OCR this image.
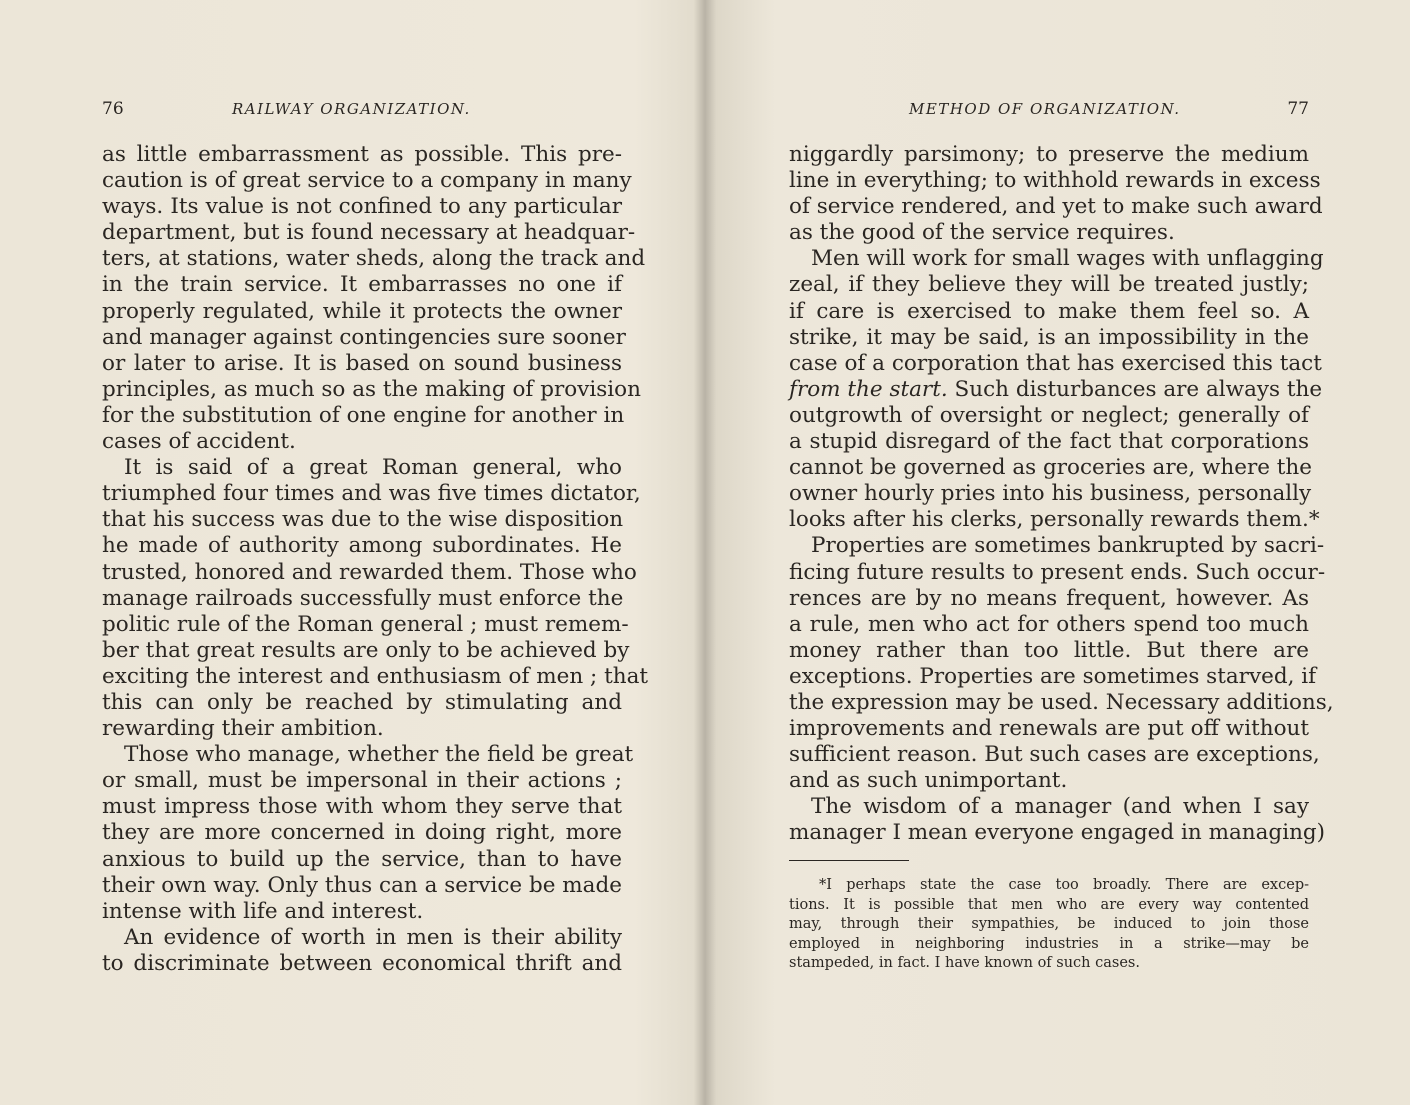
76	RAILWAY ORGANIZATION.
as little embarrassment as possible. This pre-
caution is of great service to a company in many
ways. Its value is not confined to any particular
department, but is found necessary at headquar-
ters, at stations, water sheds, along the track and
in the train service. It embarrasses no one if
properly regulated, while it protects the owner
and manager against contingencies sure sooner
or later to arise. It is based on sound business
principles, as much so as the making of provision
for the substitution of one engine for another in
cases of accident.
It is said of a great Roman general, who
triumphed four times and was five times dictator,
that his success was due to the wise disposition
he made of authority among subordinates. He
trusted, honored and rewarded them. Those who
manage railroads successfully must enforce the
politic rule of the Roman general ; must remem-
ber that great results are only to be achieved by
exciting the interest and enthusiasm of men ; that
this can only be reached by stimulating and
rewarding their ambition.
Those who manage, whether the field be great
or small, must be impersonal in their actions ;
must impress those with whom they serve that
they are more concerned in doing right, more
anxious to build up the service, than to have
their own way. Only thus can a service be made
intense with life and interest.
An evidence of worth in men is their ability
to discriminate between economical thrift and
METHOD OF ORGANIZATION.	77
niggardly parsimony; to preserve the medium
line in everything; to withhold rewards in excess
of service rendered, and yet to make such award
as the good of the service requires.
Men will work for small wages with unflagging
zeal, if they believe they will be treated justly;
if care is exercised to make them feel so. A
strike, it may be said, is an impossibility in the
case of a corporation that has exercised this tact
from the start. Such disturbances are always the
outgrowth of oversight or neglect; generally of
a stupid disregard of the fact that corporations
cannot be governed as groceries are, where the
owner hourly pries into his business, personally
looks after his clerks, personally rewards them.*
Properties are sometimes bankrupted by sacri-
ficing future results to present ends. Such occur-
rences are by no means frequent, however. As
a rule, men who act for others spend too much
money rather than too little. But there are
exceptions. Properties are sometimes starved, if
the expression may be used. Necessary additions,
improvements and renewals are put off without
sufficient reason. But such cases are exceptions,
and as such unimportant.
The wisdom of a manager (and when I say
manager I mean everyone engaged in managing)
*I perhaps state the case too broadly. There are excep-
tions. It is possible that men who are every way contented
may, through their sympathies, be induced to join those
employed in neighboring industries in a strike—may be
stampeded, in fact. I have known of such cases.
